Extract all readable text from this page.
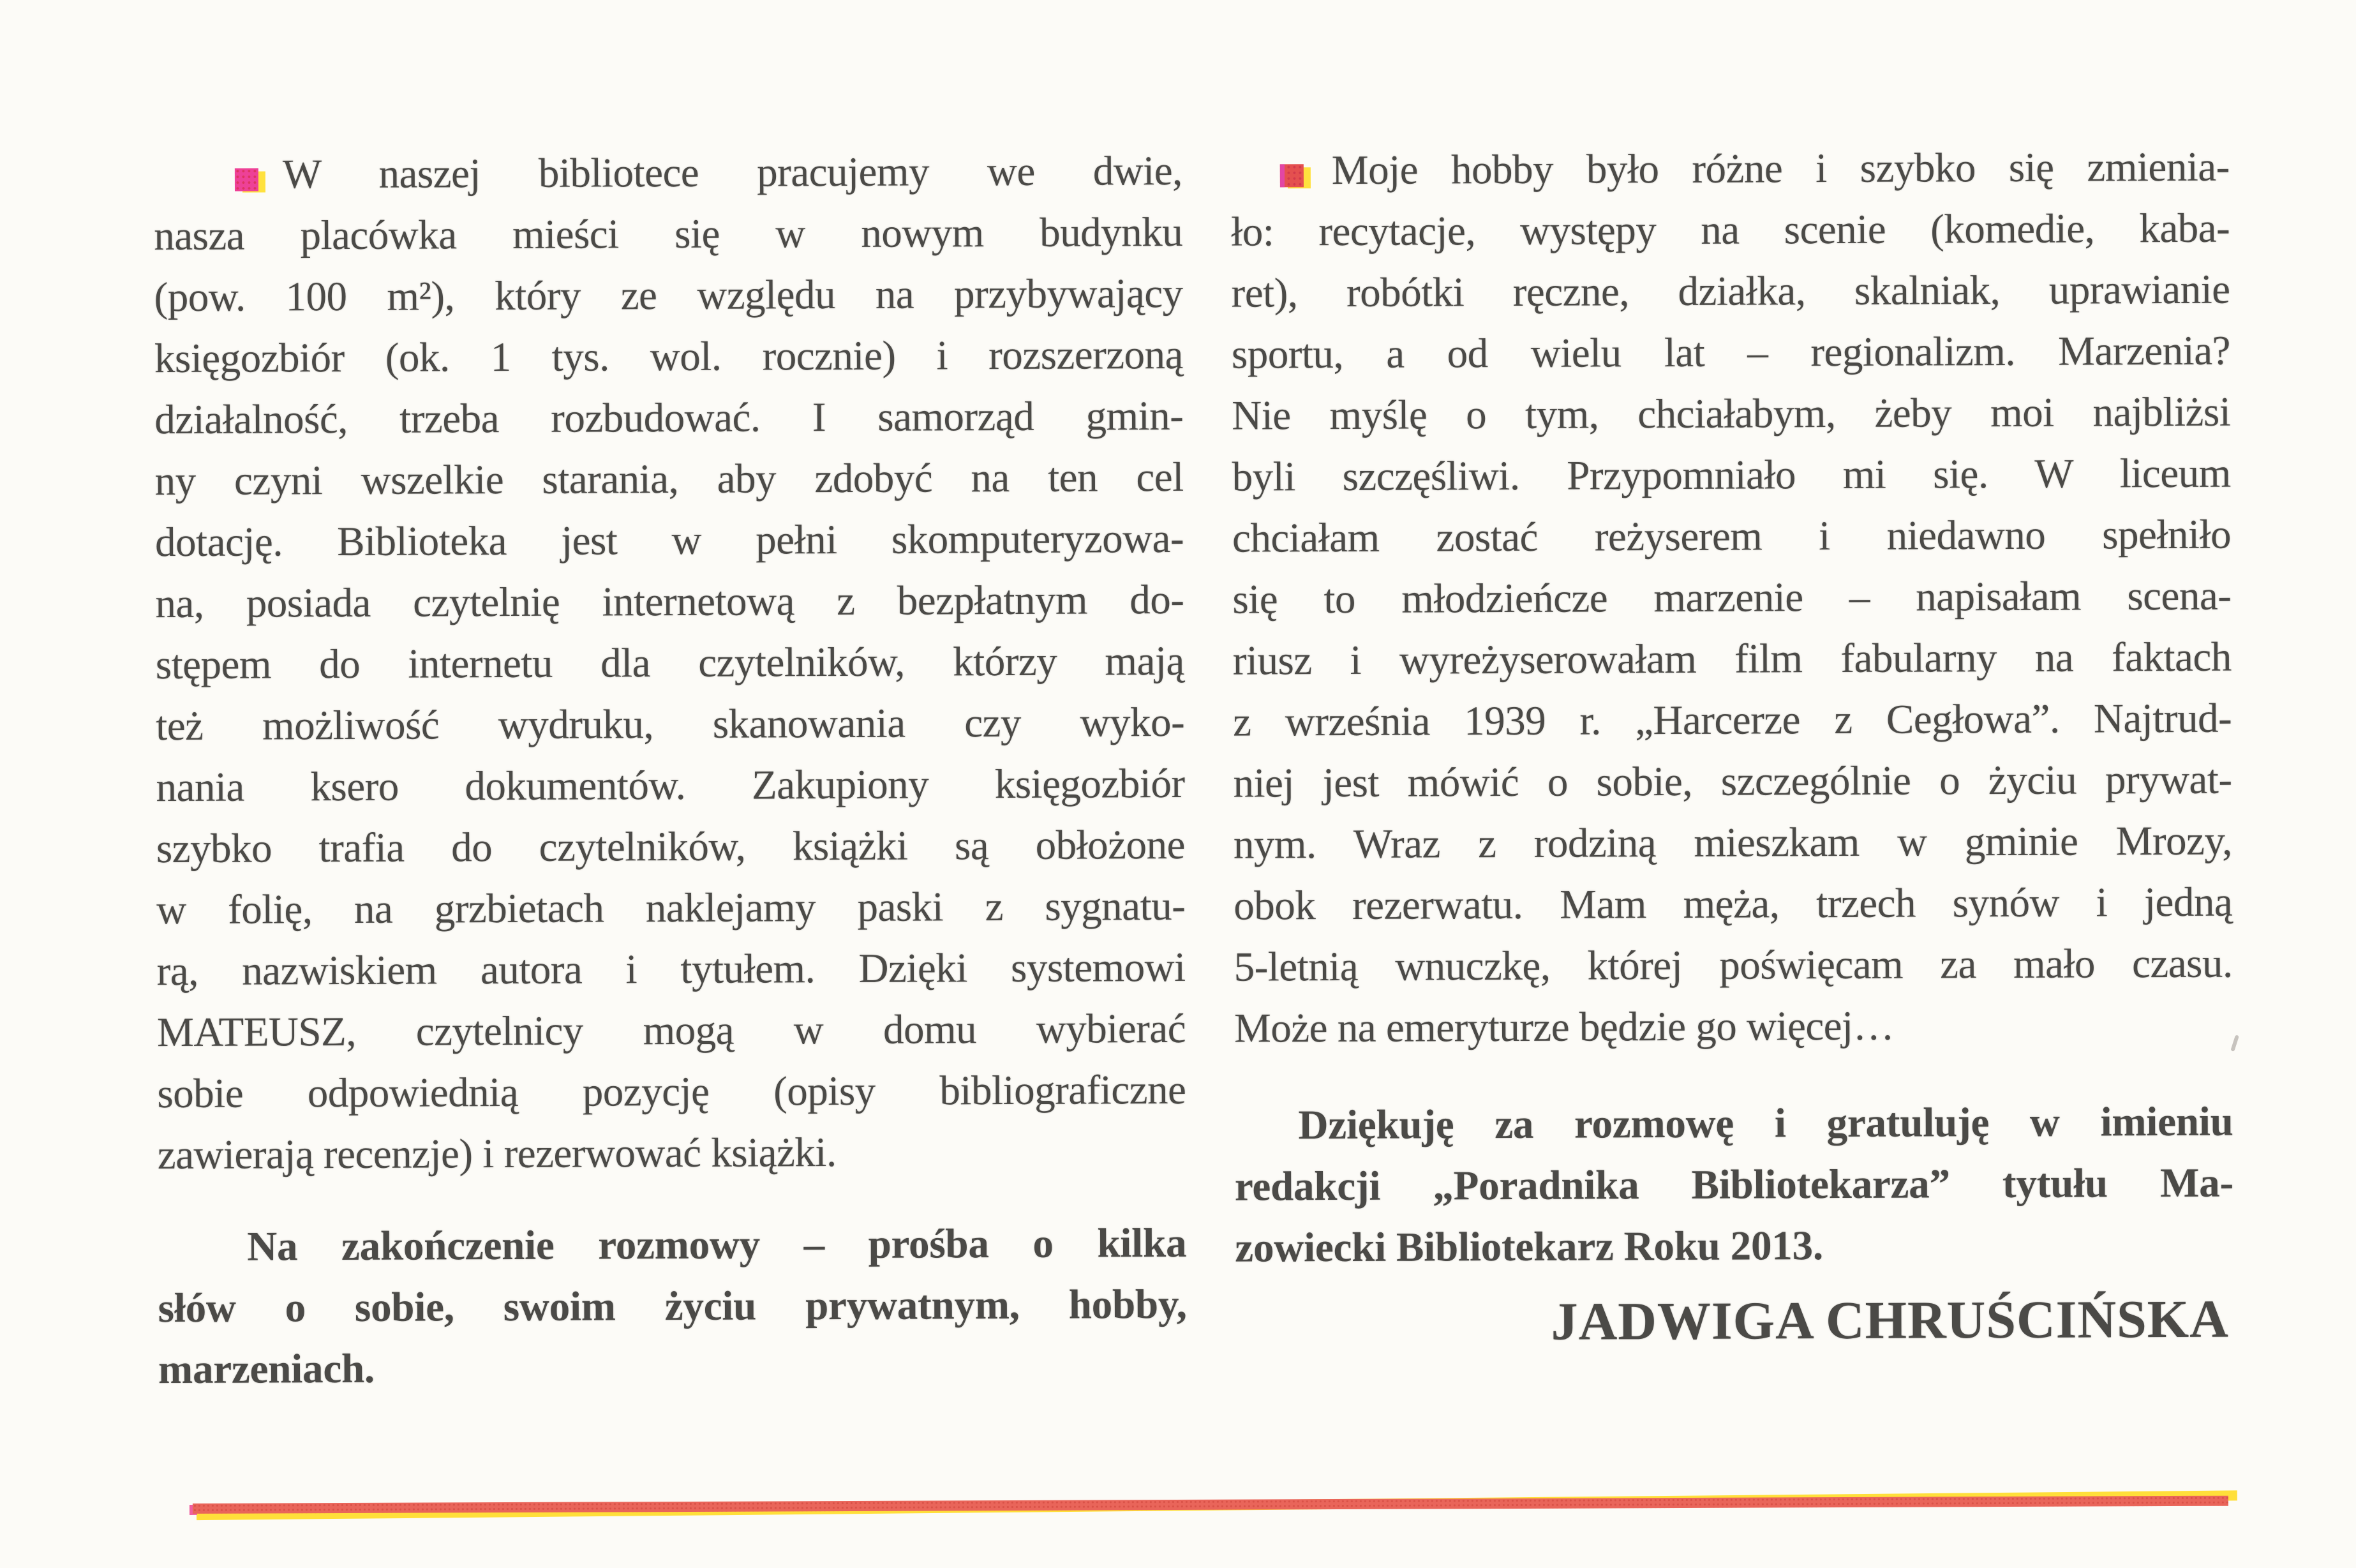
W naszej bibliotece pracujemy we dwie,
nasza placówka mieści się w nowym budynku
(pow. 100 m²), który ze względu na przybywający
księgozbiór (ok. 1 tys. wol. rocznie) i rozszerzoną
działalność, trzeba rozbudować. I samorząd gmin-
ny czyni wszelkie starania, aby zdobyć na ten cel
dotację. Biblioteka jest w pełni skomputeryzowa-
na, posiada czytelnię internetową z bezpłatnym do-
stępem do internetu dla czytelników, którzy mają
też możliwość wydruku, skanowania czy wyko-
nania ksero dokumentów. Zakupiony księgozbiór
szybko trafia do czytelników, książki są obłożone
w folię, na grzbietach naklejamy paski z sygnatu-
rą, nazwiskiem autora i tytułem. Dzięki systemowi
MATEUSZ, czytelnicy mogą w domu wybierać
sobie odpowiednią pozycję (opisy bibliograficzne
zawierają recenzje) i rezerwować książki.
Na zakończenie rozmowy – prośba o kilka
słów o sobie, swoim życiu prywatnym, hobby,
marzeniach.
Moje hobby było różne i szybko się zmienia-
ło: recytacje, występy na scenie (komedie, kaba-
ret), robótki ręczne, działka, skalniak, uprawianie
sportu, a od wielu lat – regionalizm. Marzenia?
Nie myślę o tym, chciałabym, żeby moi najbliżsi
byli szczęśliwi. Przypomniało mi się. W liceum
chciałam zostać reżyserem i niedawno spełniło
się to młodzieńcze marzenie – napisałam scena-
riusz i wyreżyserowałam film fabularny na faktach
z września 1939 r. „Harcerze z Cegłowa”. Najtrud-
niej jest mówić o sobie, szczególnie o życiu prywat-
nym. Wraz z rodziną mieszkam w gminie Mrozy,
obok rezerwatu. Mam męża, trzech synów i jedną
5-letnią wnuczkę, której poświęcam za mało czasu.
Może na emeryturze będzie go więcej…
Dziękuję za rozmowę i gratuluję w imieniu
redakcji „Poradnika Bibliotekarza” tytułu Ma-
zowiecki Bibliotekarz Roku 2013.
JADWIGA CHRUŚCIŃSKA
